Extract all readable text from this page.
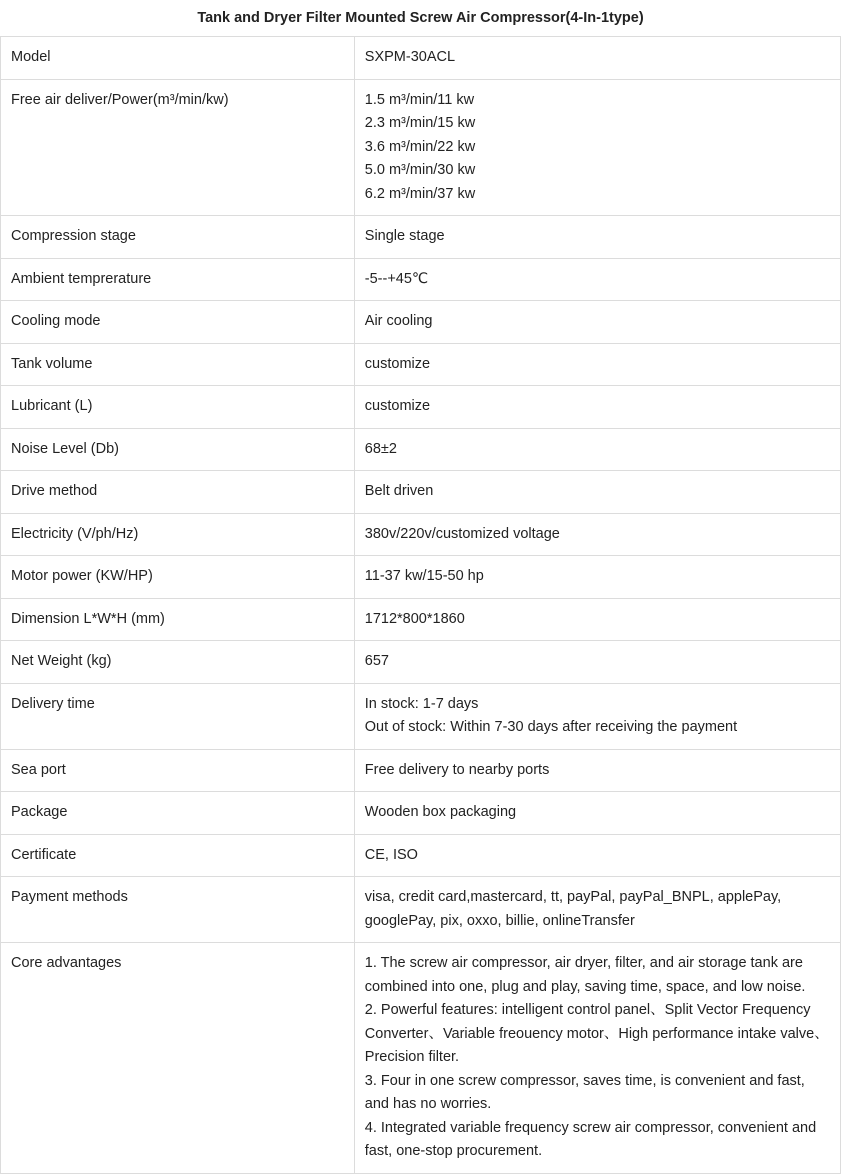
Tank and Dryer Filter Mounted Screw Air Compressor(4-In-1type)
Model	SXPM-30ACL

Free air deliver/Power(m³/min/kw)	1.5 m³/min/11 kw
2.3 m³/min/15 kw
3.6 m³/min/22 kw
5.0 m³/min/30 kw
6.2 m³/min/37 kw

Compression stage	Single stage

Ambient temprerature	-5--+45℃

Cooling mode	Air cooling

Tank volume	customize

Lubricant (L)	customize

Noise Level (Db)	68±2

Drive method	Belt driven

Electricity (V/ph/Hz)	380v/220v/customized voltage

Motor power (KW/HP)	11-37 kw/15-50 hp

Dimension L*W*H (mm)	1712*800*1860

Net Weight (kg)	657

Delivery time	In stock: 1-7 days
Out of stock: Within 7-30 days after receiving the payment

Sea port	Free delivery to nearby ports

Package	Wooden box packaging

Certificate	CE, ISO

Payment methods	visa, credit card,mastercard, tt, payPal, payPal_BNPL, applePay, googlePay, pix, oxxo, billie, onlineTransfer

Core advantages	1. The screw air compressor, air dryer, filter, and air storage tank are combined into one, plug and play, saving time, space, and low noise.
2. Powerful features: intelligent control panel、Split Vector Frequency Converter、Variable freouency motor、High performance intake valve、Precision filter.
3. Four in one screw compressor, saves time, is convenient and fast, and has no worries.
4. Integrated variable frequency screw air compressor, convenient and fast, one-stop procurement.
